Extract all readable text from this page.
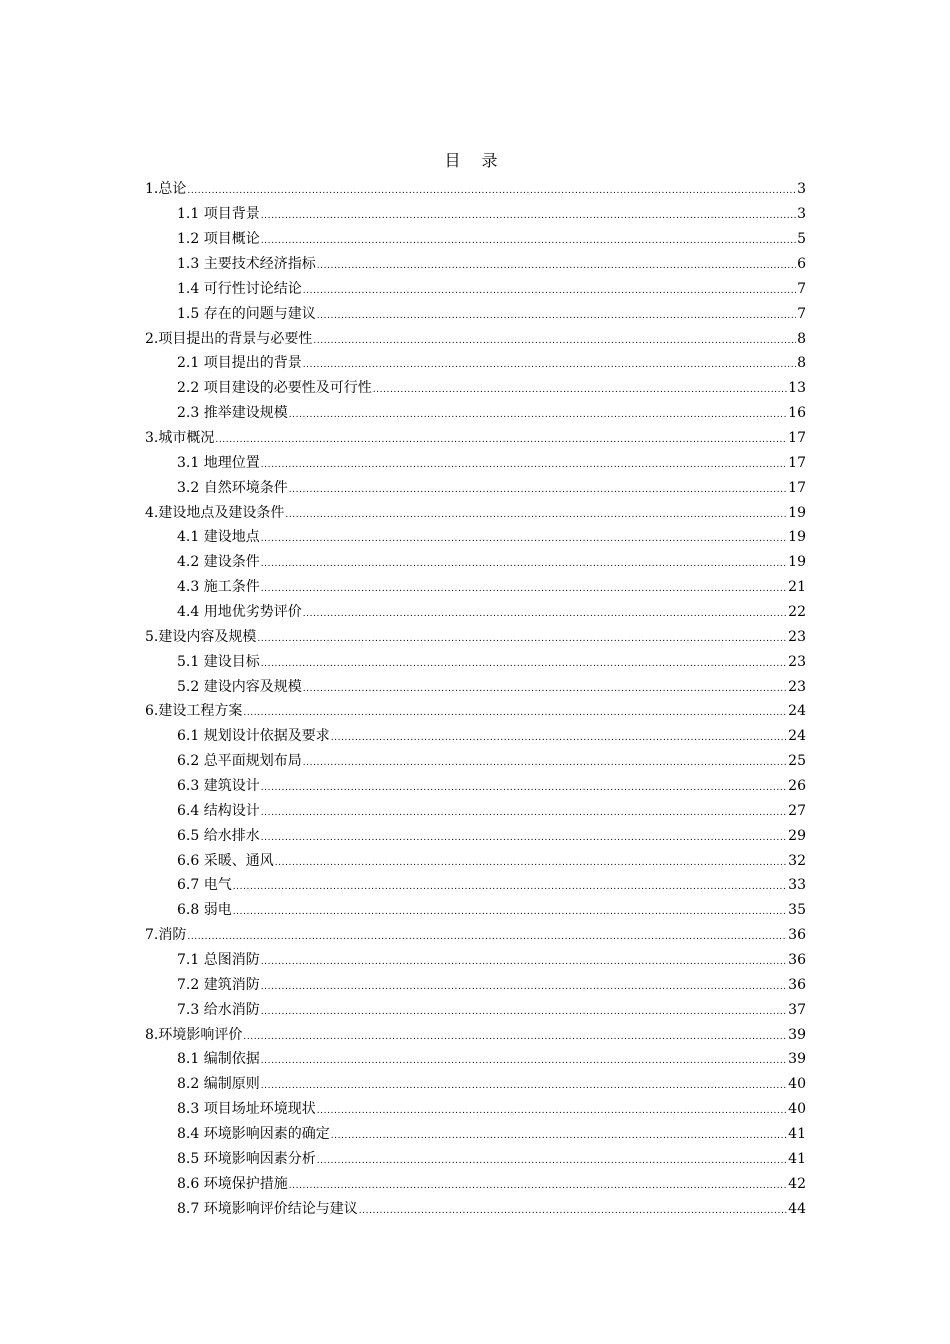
目 录
1.总论 .....	3
1.1 项目背景 .....	3
1.2 项目概论 .....	5
1.3 主要技术经济指标 .....	6
1.4 可行性讨论结论 .....	7
1.5 存在的问题与建议 .....	7
2.项目提出的背景与必要性 .....	8
2.1 项目提出的背景 .....	8
2.2 项目建设的必要性及可行性 .....	13
2.3 推举建设规模 .....	16
3.城市概况 .....	17
3.1 地理位置 .....	17
3.2 自然环境条件 .....	17
4.建设地点及建设条件 .....	19
4.1 建设地点 .....	19
4.2 建设条件 .....	19
4.3 施工条件 .....	21
4.4 用地优劣势评价 .....	22
5.建设内容及规模 .....	23
5.1 建设目标 .....	23
5.2 建设内容及规模 .....	23
6.建设工程方案 .....	24
6.1 规划设计依据及要求 .....	24
6.2 总平面规划布局 .....	25
6.3 建筑设计 .....	26
6.4 结构设计 .....	27
6.5 给水排水 .....	29
6.6 采暖、通风 .....	32
6.7 电气 .....	33
6.8 弱电 .....	35
7.消防 .....	36
7.1 总图消防 .....	36
7.2 建筑消防 .....	36
7.3 给水消防 .....	37
8.环境影响评价 .....	39
8.1 编制依据 .....	39
8.2 编制原则 .....	40
8.3 项目场址环境现状 .....	40
8.4 环境影响因素的确定 .....	41
8.5 环境影响因素分析 .....	41
8.6 环境保护措施 .....	42
8.7 环境影响评价结论与建议 .....	44
